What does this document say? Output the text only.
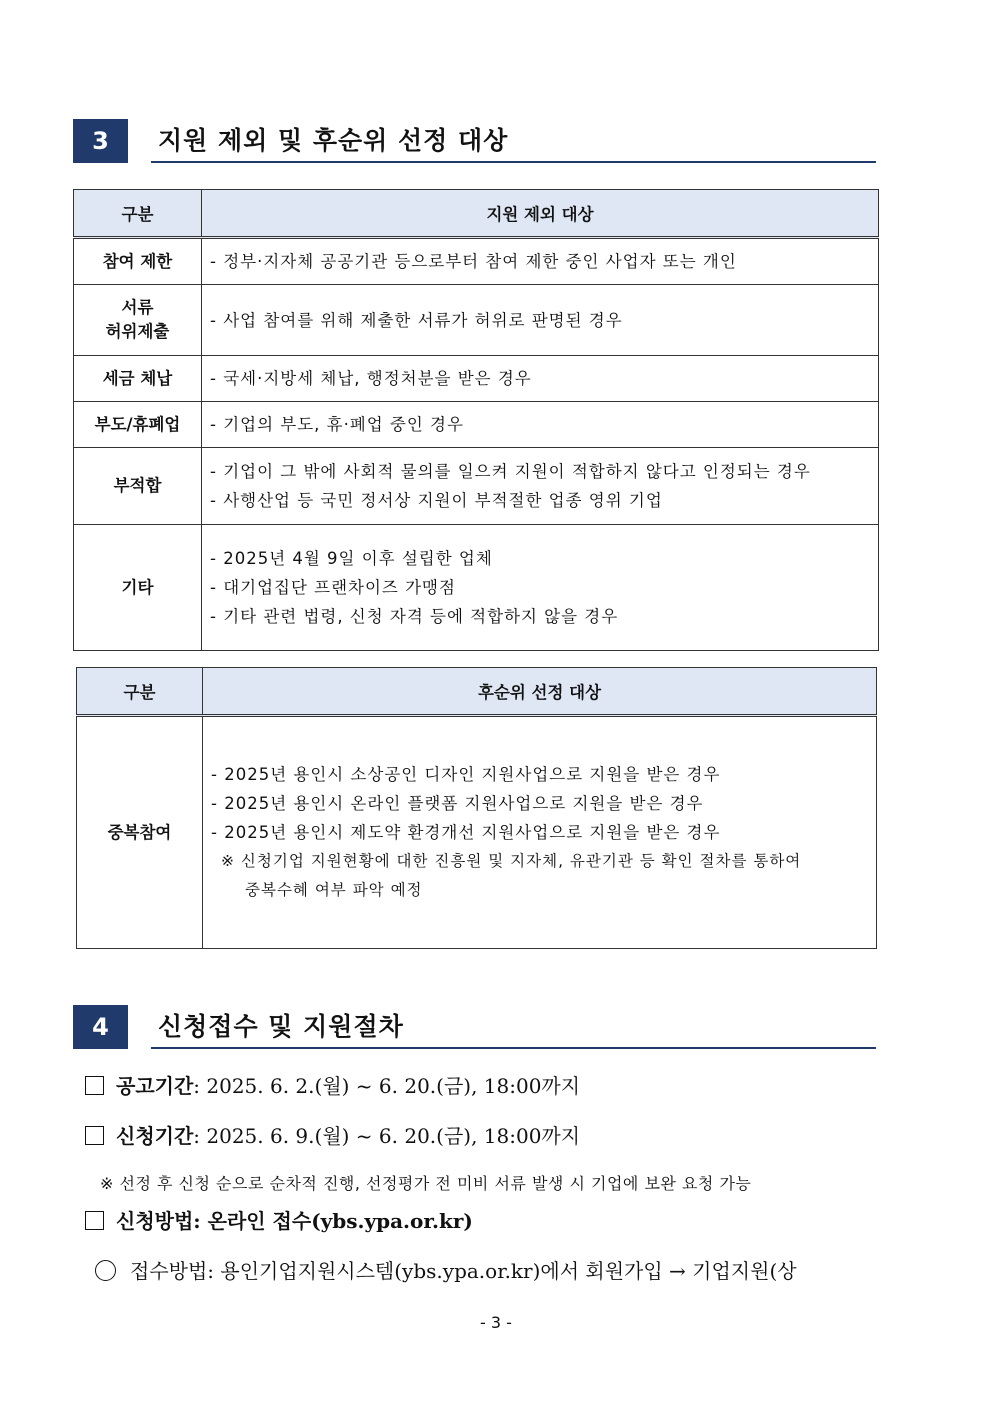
3	지원 제외 및 후순위 선정 대상
구분	지원 제외 대상

참여 제한	- 정부·지자체 공공기관 등으로부터 참여 제한 중인 사업자 또는 개인

서류
허위제출	- 사업 참여를 위해 제출한 서류가 허위로 판명된 경우

세금 체납	- 국세·지방세 체납, 행정처분을 받은 경우

부도/휴폐업	- 기업의 부도, 휴·폐업 중인 경우

부적합	- 기업이 그 밖에 사회적 물의를 일으켜 지원이 적합하지 않다고 인정되는 경우
- 사행산업 등 국민 정서상 지원이 부적절한 업종 영위 기업

기타	- 2025년 4월 9일 이후 설립한 업체
- 대기업집단 프랜차이즈 가맹점
- 기타 관련 법령, 신청 자격 등에 적합하지 않을 경우
구분	후순위 선정 대상
중복참여	- 2025년 용인시 소상공인 디자인 지원사업으로 지원을 받은 경우
- 2025년 용인시 온라인 플랫폼 지원사업으로 지원을 받은 경우
- 2025년 용인시 제도약 환경개선 지원사업으로 지원을 받은 경우
※ 신청기업 지원현황에 대한 진흥원 및 지자체, 유관기관 등 확인 절차를 통하여
중복수혜 여부 파악 예정
4	신청접수 및 지원절차
공고기간: 2025. 6. 2.(월) ~ 6. 20.(금), 18:00까지
신청기간: 2025. 6. 9.(월) ~ 6. 20.(금), 18:00까지
※ 선정 후 신청 순으로 순차적 진행, 선정평가 전 미비 서류 발생 시 기업에 보완 요청 가능
신청방법: 온라인 접수(ybs.ypa.or.kr)
접수방법: 용인기업지원시스템(ybs.ypa.or.kr)에서 회원가입 → 기업지원(상
- 3 -
